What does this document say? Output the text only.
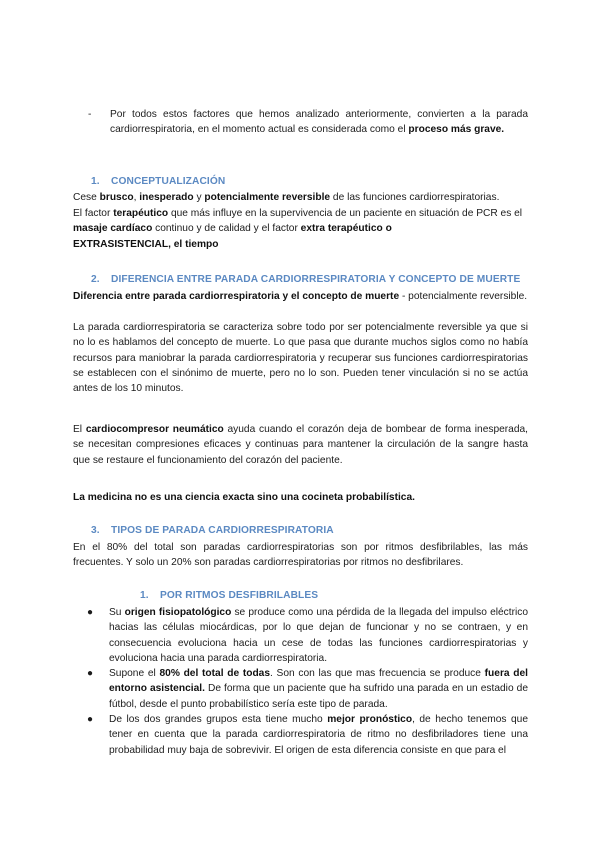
- Por todos estos factores que hemos analizado anteriormente, convierten a la parada cardiorrespiratoria, en el momento actual es considerada como el proceso más grave.
1. CONCEPTUALIZACIÓN
Cese brusco, inesperado y potencialmente reversible de las funciones cardiorrespiratorias.
El factor terapéutico que más influye en la supervivencia de un paciente en situación de PCR es el
masaje cardíaco continuo y de calidad y el factor extra terapéutico o
EXTRASISTENCIAL, el tiempo
2. DIFERENCIA ENTRE PARADA CARDIORRESPIRATORIA Y CONCEPTO DE MUERTE
Diferencia entre parada cardiorrespiratoria y el concepto de muerte - potencialmente reversible.
La parada cardiorrespiratoria se caracteriza sobre todo por ser potencialmente reversible ya que si no lo es hablamos del concepto de muerte. Lo que pasa que durante muchos siglos como no había recursos para maniobrar la parada cardiorrespiratoria y recuperar sus funciones cardiorrespiratorias se establecen con el sinónimo de muerte, pero no lo son. Pueden tener vinculación si no se actúa antes de los 10 minutos.
El cardiocompresor neumático ayuda cuando el corazón deja de bombear de forma inesperada, se necesitan compresiones eficaces y continuas para mantener la circulación de la sangre hasta que se restaure el funcionamiento del corazón del paciente.
La medicina no es una ciencia exacta sino una cocineta probabilística.
3. TIPOS DE PARADA CARDIORRESPIRATORIA
En el 80% del total son paradas cardiorrespiratorias son por ritmos desfibrilables, las más frecuentes. Y solo un 20% son paradas cardiorrespiratorias por ritmos no desfibrilares.
1. POR RITMOS DESFIBRILABLES
● Su origen fisiopatológico se produce como una pérdida de la llegada del impulso eléctrico hacias las células miocárdicas, por lo que dejan de funcionar y no se contraen, y en consecuencia evoluciona hacia un cese de todas las funciones cardiorrespiratorias y evoluciona hacia una parada cardiorrespiratoria.
● Supone el 80% del total de todas. Son con las que mas frecuencia se produce fuera del entorno asistencial. De forma que un paciente que ha sufrido una parada en un estadio de fútbol, desde el punto probabilístico sería este tipo de parada.
● De los dos grandes grupos esta tiene mucho mejor pronóstico, de hecho tenemos que tener en cuenta que la parada cardiorrespiratoria de ritmo no desfibriladores tiene una probabilidad muy baja de sobrevivir. El origen de esta diferencia consiste en que para el
